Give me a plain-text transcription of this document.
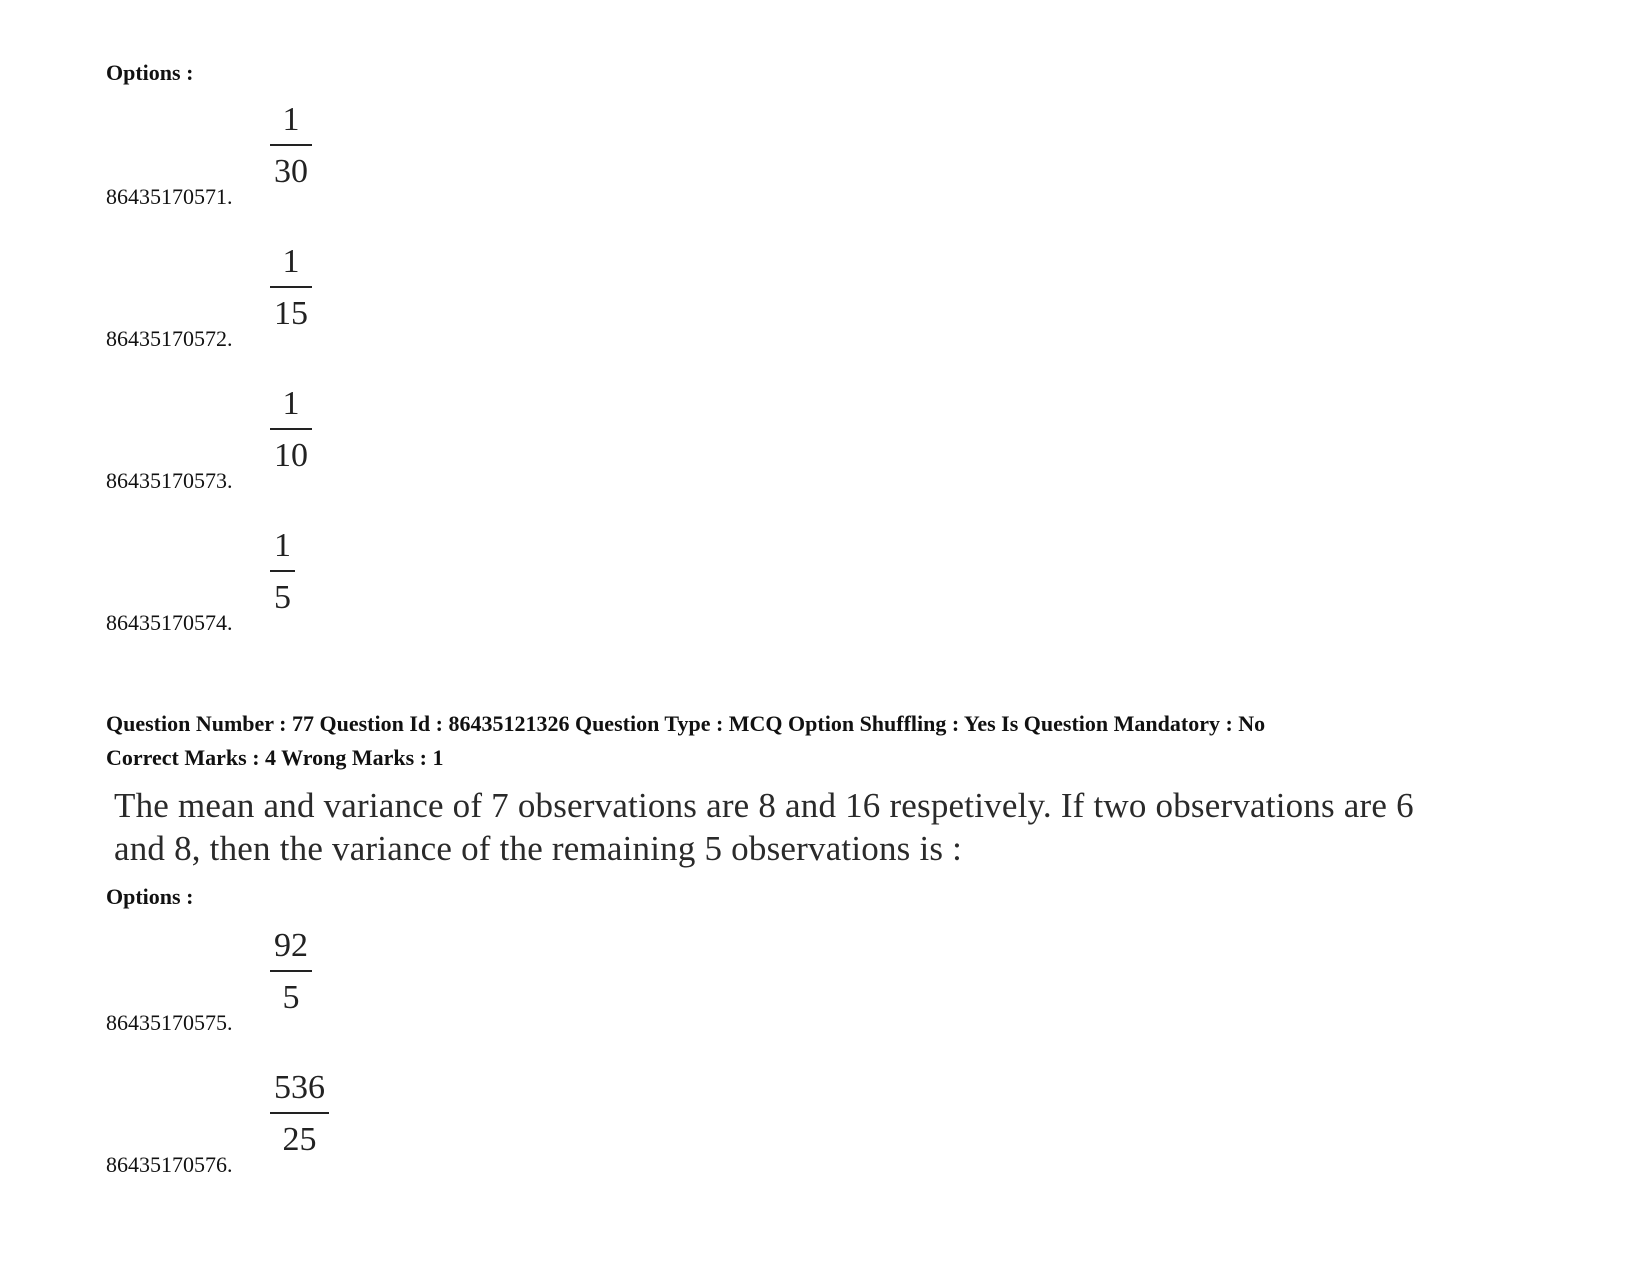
Options :
86435170571.
1
30
86435170572.
1
15
86435170573.
1
10
86435170574.
1
5
Question Number : 77 Question Id : 86435121326 Question Type : MCQ Option Shuffling : Yes Is Question Mandatory : No
Correct Marks : 4 Wrong Marks : 1
The mean and variance of 7 observations are 8 and 16 respetively. If two observations are 6
and 8, then the variance of the remaining 5 observations is :
Options :
86435170575.
92
5
86435170576.
536
25
